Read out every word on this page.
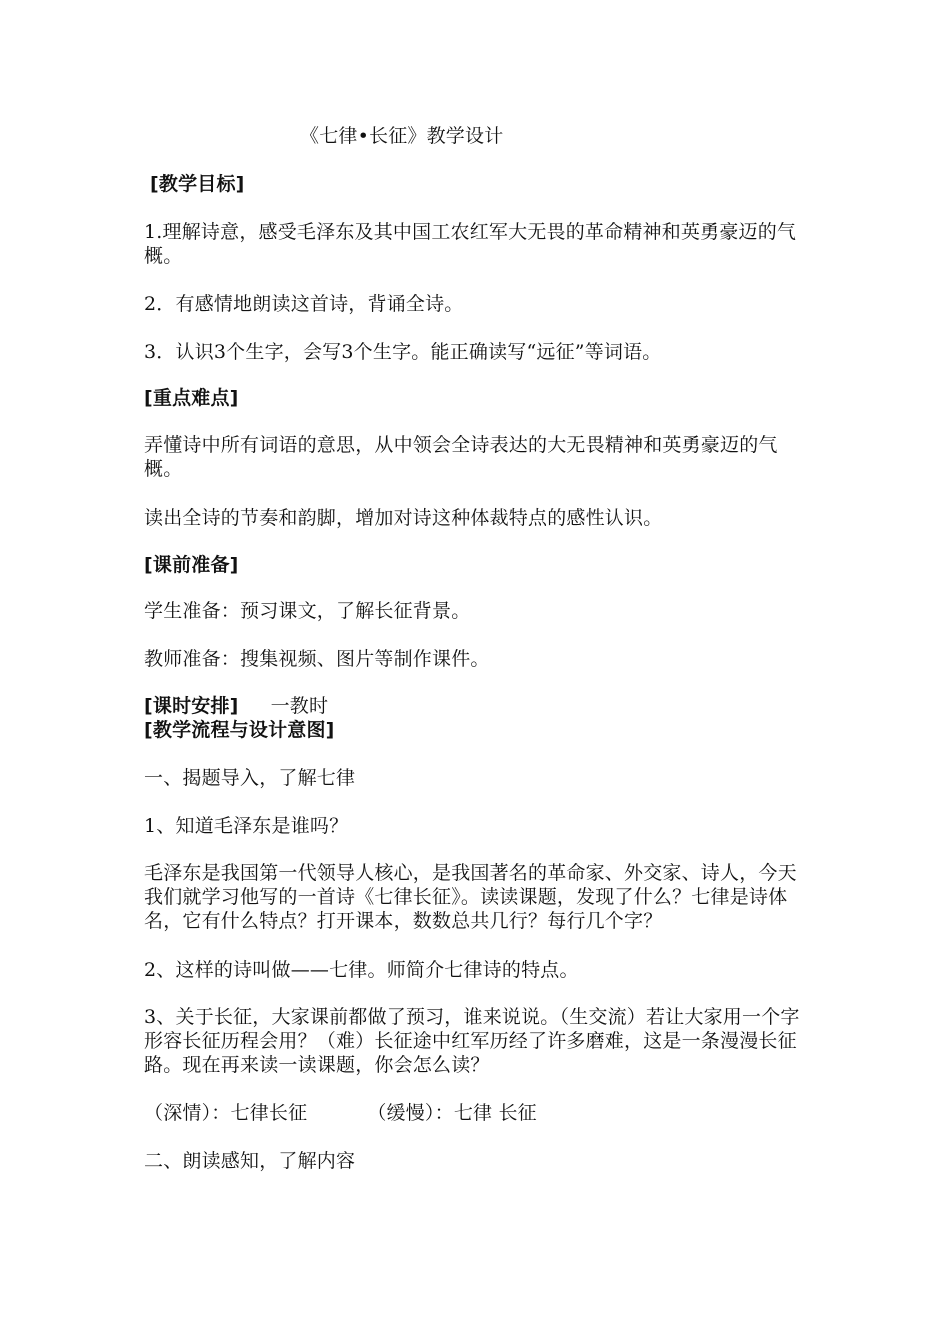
《七律•长征》教学设计
[教学目标]
1.理解诗意，感受毛泽东及其中国工农红军大无畏的革命精神和英勇豪迈的气概。
2．有感情地朗读这首诗，背诵全诗。
3．认识3个生字，会写3个生字。能正确读写“远征”等词语。
[重点难点]
弄懂诗中所有词语的意思，从中领会全诗表达的大无畏精神和英勇豪迈的气概。
读出全诗的节奏和韵脚，增加对诗这种体裁特点的感性认识。
[课前准备]
学生准备：预习课文，了解长征背景。
教师准备：搜集视频、图片等制作课件。
[课时安排] 一教时
[教学流程与设计意图]
一、揭题导入，了解七律
1、知道毛泽东是谁吗？
毛泽东是我国第一代领导人核心，是我国著名的革命家、外交家、诗人，今天我们就学习他写的一首诗《七律长征》。读读课题，发现了什么？七律是诗体名，它有什么特点？打开课本，数数总共几行？每行几个字？
2、这样的诗叫做——七律。师简介七律诗的特点。
3、关于长征，大家课前都做了预习，谁来说说。（生交流）若让大家用一个字形容长征历程会用？（难）长征途中红军历经了许多磨难，这是一条漫漫长征路。现在再来读一读课题，你会怎么读？
（深情）：七律长征	（缓慢）：七律 长征
二、朗读感知，了解内容
